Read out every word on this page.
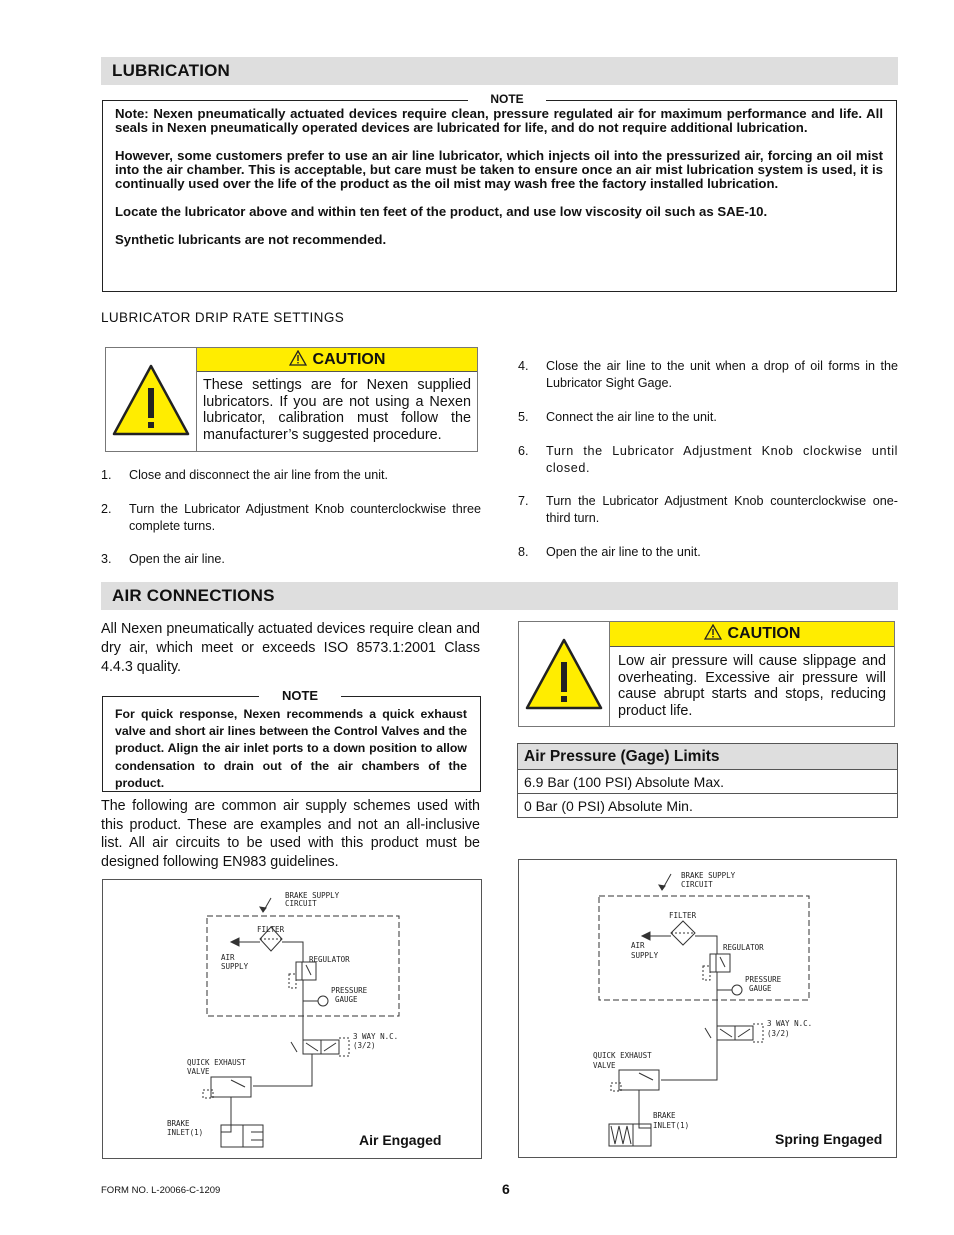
LUBRICATION
NOTE

Note: Nexen pneumatically actuated devices require clean, pressure regulated air for maximum performance and life. All seals in Nexen pneumatically operated devices are lubricated for life, and do not require additional lubrication.

However, some customers prefer to use an air line lubricator, which injects oil into the pressurized air, forcing an oil mist into the air chamber. This is acceptable, but care must be taken to ensure once an air mist lubrication system is used, it is continually used over the life of the product as the oil mist may wash free the factory installed lubrication.

Locate the lubricator above and within ten feet of the product, and use low viscosity oil such as SAE-10.

Synthetic lubricants are not recommended.

LUBRICATOR DRIP RATE SETTINGS
CAUTION
These settings are for Nexen supplied lubricators. If you are not using a Nexen lubricator, calibration must follow the manufacturer’s suggested procedure.
1. Close and disconnect the air line from the unit.
2. Turn the Lubricator Adjustment Knob counterclockwise three complete turns.
3. Open the air line.
4. Close the air line to the unit when a drop of oil forms in the Lubricator Sight Gage.
5. Connect the air line to the unit.
6. Turn the Lubricator Adjustment Knob clockwise until closed.
7. Turn the Lubricator Adjustment Knob counterclockwise one-third turn.
8. Open the air line to the unit.
AIR CONNECTIONS
All Nexen pneumatically actuated devices require clean and dry air, which meet or exceeds ISO 8573.1:2001 Class 4.4.3 quality.
NOTE
For quick response, Nexen recommends a quick exhaust valve and short air lines between the Control Valves and the product. Align the air inlet ports to a down position to allow condensation to drain out of the air chambers of the product.
The following are common air supply schemes used with this product. These are examples and not an all-inclusive list. All air circuits to be used with this product must be designed following EN983 guidelines.
CAUTION
Low air pressure will cause slippage and overheating. Excessive air pressure will cause abrupt starts and stops, reducing product life.
Air Pressure (Gage) Limits
6.9 Bar (100 PSI) Absolute Max.
0 Bar (0 PSI) Absolute Min.
BRAKE SUPPLY
CIRCUIT
FILTER
AIR
SUPPLY
REGULATOR
PRESSURE
GAUGE
3 WAY N.C.
(3/2)
QUICK EXHAUST
VALVE
BRAKE
INLET(1)	Air Engaged
BRAKE SUPPLY
CIRCUIT
FILTER
AIR
SUPPLY
REGULATOR
PRESSURE
GAUGE
3 WAY N.C.
(3/2)
QUICK EXHAUST
VALVE
BRAKE
INLET(1)
Spring Engaged
FORM NO. L-20066-C-1209	6
